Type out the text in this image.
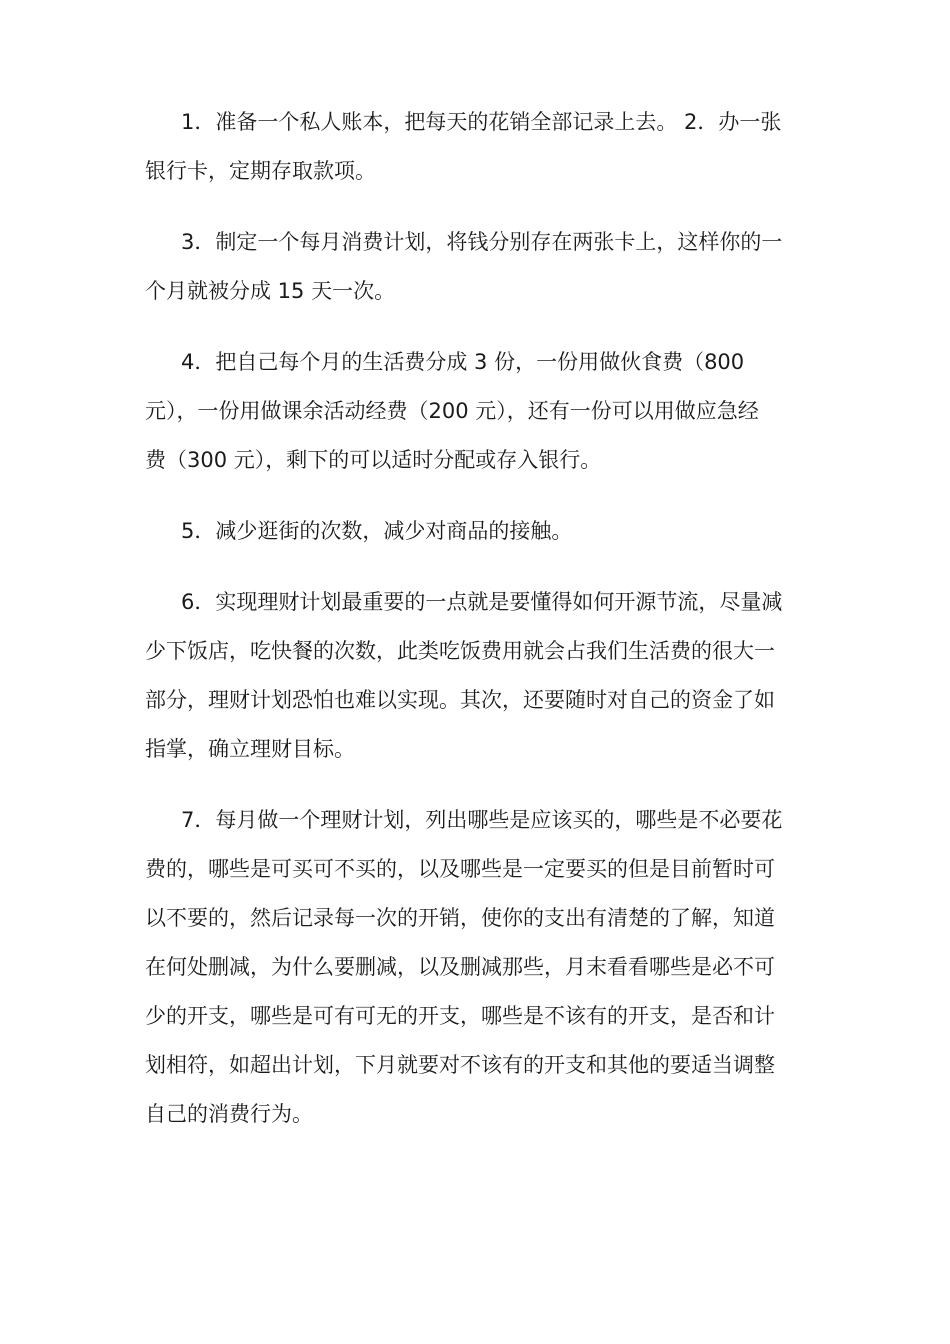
1．准备一个私人账本，把每天的花销全部记录上去。 2．办一张
银行卡，定期存取款项。

3．制定一个每月消费计划，将钱分别存在两张卡上，这样你的一
个月就被分成 15 天一次。

4．把自己每个月的生活费分成 3 份，一份用做伙食费（800
元），一份用做课余活动经费（200 元），还有一份可以用做应急经
费（300 元），剩下的可以适时分配或存入银行。

5．减少逛街的次数，减少对商品的接触。

6．实现理财计划最重要的一点就是要懂得如何开源节流，尽量减
少下饭店，吃快餐的次数，此类吃饭费用就会占我们生活费的很大一
部分，理财计划恐怕也难以实现。其次，还要随时对自己的资金了如
指掌，确立理财目标。

7．每月做一个理财计划，列出哪些是应该买的，哪些是不必要花
费的，哪些是可买可不买的，以及哪些是一定要买的但是目前暂时可
以不要的，然后记录每一次的开销，使你的支出有清楚的了解，知道
在何处删减，为什么要删减，以及删减那些，月末看看哪些是必不可
少的开支，哪些是可有可无的开支，哪些是不该有的开支，是否和计
划相符，如超出计划，下月就要对不该有的开支和其他的要适当调整
自己的消费行为。
